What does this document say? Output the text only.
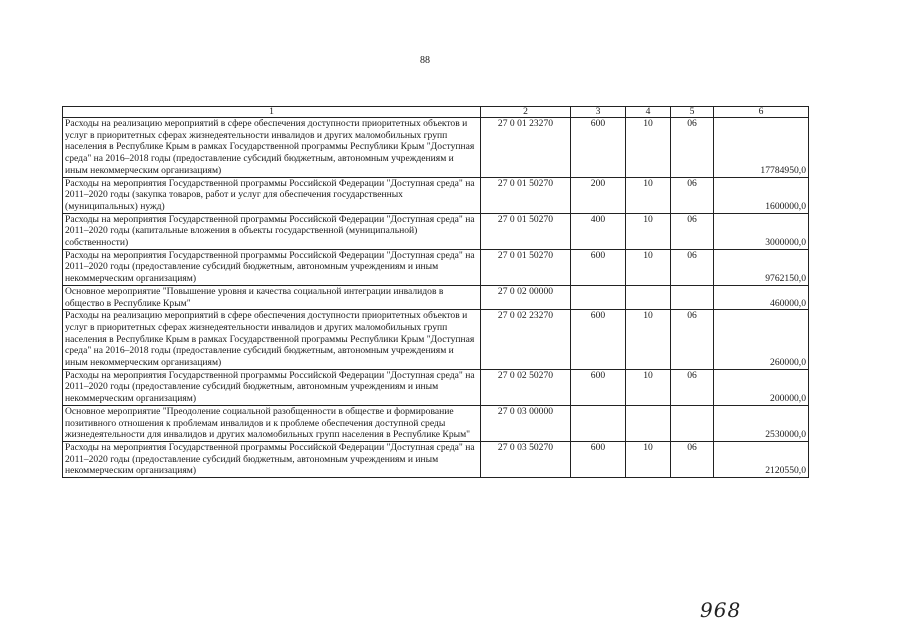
88
1	2	3	4	5	6
Расходы на реализацию мероприятий в сфере обеспечения доступности приоритетных объектов и услуг в приоритетных сферах жизнедеятельности инвалидов и других маломобильных групп населения в Республике Крым в рамках Государственной программы Республики Крым "Доступная среда" на 2016–2018 годы (предоставление субсидий бюджетным, автономным учреждениям и иным некоммерческим организациям)	27 0 01 23270	600	10	06	17784950,0
Расходы на мероприятия Государственной программы Российской Федерации "Доступная среда" на 2011–2020 годы (закупка товаров, работ и услуг для обеспечения государственных (муниципальных) нужд)	27 0 01 50270	200	10	06	1600000,0
Расходы на мероприятия Государственной программы Российской Федерации "Доступная среда" на 2011–2020 годы (капитальные вложения в объекты государственной (муниципальной) собственности)	27 0 01 50270	400	10	06	3000000,0
Расходы на мероприятия Государственной программы Российской Федерации "Доступная среда" на 2011–2020 годы (предоставление субсидий бюджетным, автономным учреждениям и иным некоммерческим организациям)	27 0 01 50270	600	10	06	9762150,0
Основное мероприятие "Повышение уровня и качества социальной интеграции инвалидов в общество в Республике Крым"	27 0 02 00000				460000,0
Расходы на реализацию мероприятий в сфере обеспечения доступности приоритетных объектов и услуг в приоритетных сферах жизнедеятельности инвалидов и других маломобильных групп населения в Республике Крым в рамках Государственной программы Республики Крым "Доступная среда" на 2016–2018 годы (предоставление субсидий бюджетным, автономным учреждениям и иным некоммерческим организациям)	27 0 02 23270	600	10	06	260000,0
Расходы на мероприятия Государственной программы Российской Федерации "Доступная среда" на 2011–2020 годы (предоставление субсидий бюджетным, автономным учреждениям и иным некоммерческим организациям)	27 0 02 50270	600	10	06	200000,0
Основное мероприятие "Преодоление социальной разобщенности в обществе и формирование позитивного отношения к проблемам инвалидов и к проблеме обеспечения доступной среды жизнедеятельности для инвалидов и других маломобильных групп населения в Республике Крым"	27 0 03 00000				2530000,0
Расходы на мероприятия Государственной программы Российской Федерации "Доступная среда" на 2011–2020 годы (предоставление субсидий бюджетным, автономным учреждениям и иным некоммерческим организациям)	27 0 03 50270	600	10	06	2120550,0
968
